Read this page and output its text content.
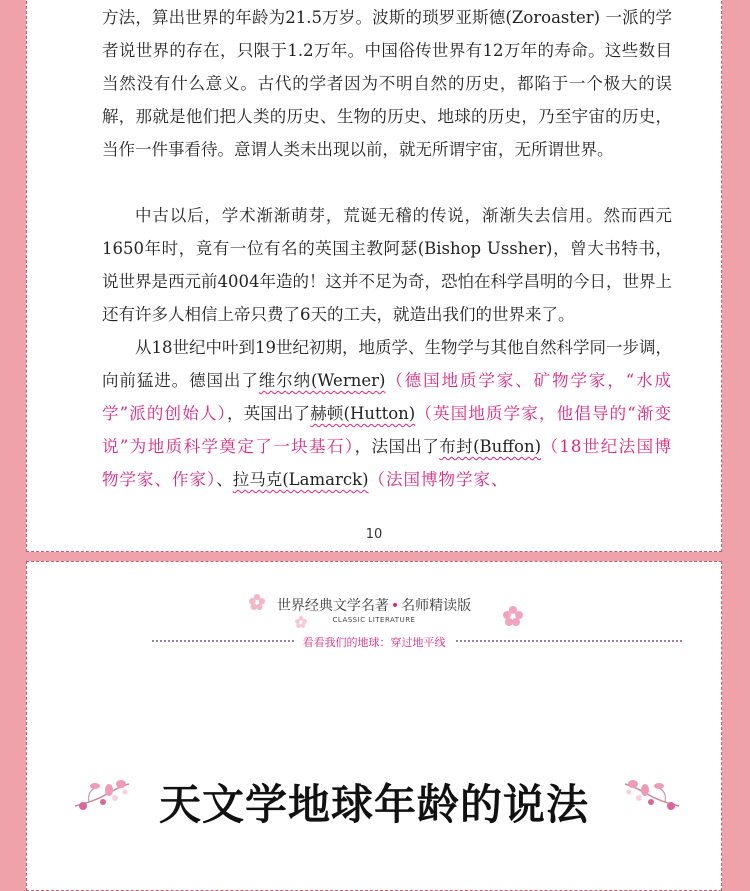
方法，算出世界的年龄为21.5万岁。波斯的琐罗亚斯德(Zoroaster) 一派的学者说世界的存在，只限于1.2万年。中国俗传世界有12万年的寿命。这些数目当然没有什么意义。古代的学者因为不明自然的历史，都陷于一个极大的误解，那就是他们把人类的历史、生物的历史、地球的历史，乃至宇宙的历史，当作一件事看待。意谓人类未出现以前，就无所谓宇宙，无所谓世界。

中古以后，学术渐渐萌芽，荒诞无稽的传说，渐渐失去信用。然而西元1650年时，竟有一位有名的英国主教阿瑟(Bishop Ussher)，曾大书特书，说世界是西元前4004年造的！这并不足为奇，恐怕在科学昌明的今日，世界上还有许多人相信上帝只费了6天的工夫，就造出我们的世界来了。

从18世纪中叶到19世纪初期，地质学、生物学与其他自然科学同一步调，向前猛进。德国出了维尔纳(Werner)（德国地质学家、矿物学家，“水成学”派的创始人），英国出了赫顿(Hutton)（英国地质学家，他倡导的“渐变说”为地质科学奠定了一块基石），法国出了布封(Buffon)（18世纪法国博物学家、作家）、拉马克(Lamarck)（法国博物学家、

10
世界经典文学名著 • 名师精读版
CLASSIC LITERATURE
看看我们的地球：穿过地平线
天文学地球年龄的说法
